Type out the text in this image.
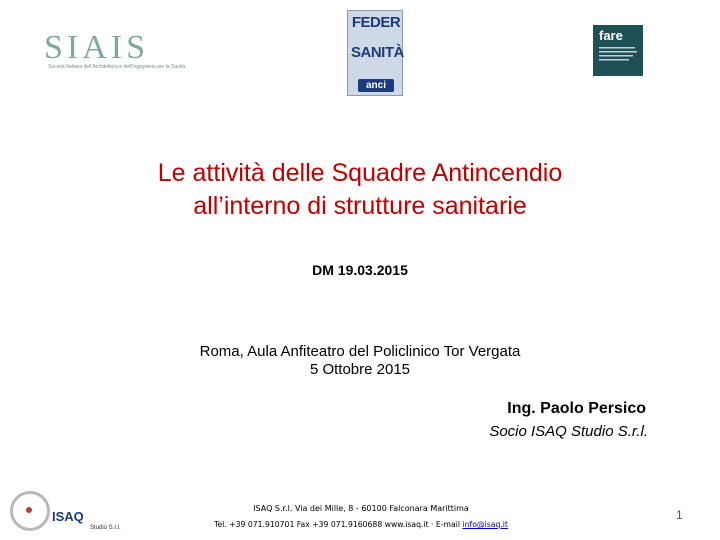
SIAIS
Società Italiana dell'Architettura e dell'Ingegneria per la Sanità
FEDER
SANITÀ
anci
fare
Le attività delle Squadre Antincendio
all’interno di strutture sanitarie
DM 19.03.2015
Roma, Aula Anfiteatro del Policlinico Tor Vergata
5 Ottobre 2015
Ing. Paolo Persico
Socio ISAQ Studio S.r.l.
ISAQ
Studio S.r.l.
ISAQ S.r.l. Via dei Mille, 8 - 60100 Falconara Marittima
Tel. +39 071.910701 Fax +39 071.9160688 www.isaq.it · E-mail info@isaq.it
1
